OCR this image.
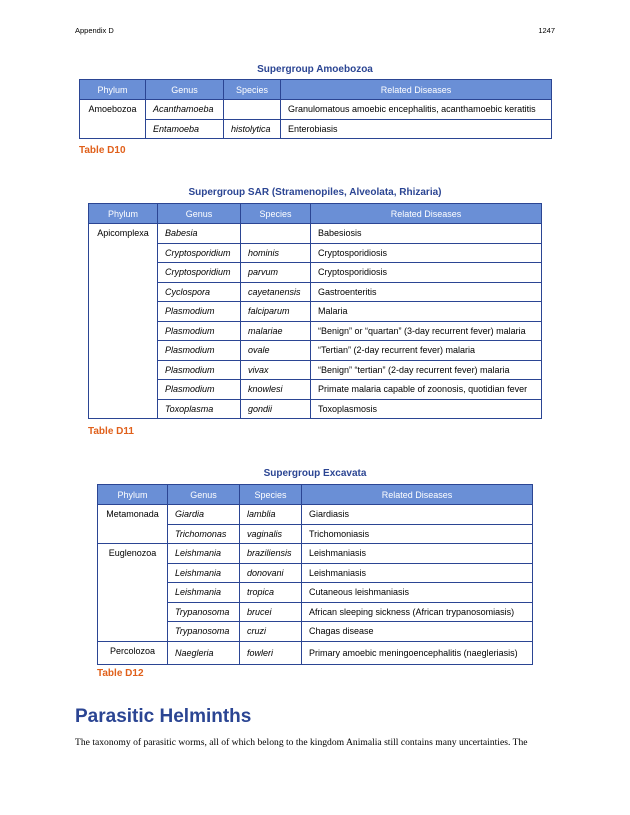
Appendix D	1247
Supergroup Amoebozoa
Phylum	Genus	Species	Related Diseases
Amoebozoa	Acanthamoeba		Granulomatous amoebic encephalitis, acanthamoebic keratitis
	Entamoeba	histolytica	Enterobiasis
Table D10
Supergroup SAR (Stramenopiles, Alveolata, Rhizaria)
Phylum	Genus	Species	Related Diseases
Apicomplexa	Babesia		Babesiosis
	Cryptosporidium	hominis	Cryptosporidiosis
	Cryptosporidium	parvum	Cryptosporidiosis
	Cyclospora	cayetanensis	Gastroenteritis
	Plasmodium	falciparum	Malaria
	Plasmodium	malariae	“Benign” or “quartan” (3-day recurrent fever) malaria
	Plasmodium	ovale	“Tertian” (2-day recurrent fever) malaria
	Plasmodium	vivax	“Benign” “tertian” (2-day recurrent fever) malaria
	Plasmodium	knowlesi	Primate malaria capable of zoonosis, quotidian fever
	Toxoplasma	gondii	Toxoplasmosis
Table D11
Supergroup Excavata
Phylum	Genus	Species	Related Diseases
Metamonada	Giardia	lamblia	Giardiasis
	Trichomonas	vaginalis	Trichomoniasis
Euglenozoa	Leishmania	braziliensis	Leishmaniasis
	Leishmania	donovani	Leishmaniasis
	Leishmania	tropica	Cutaneous leishmaniasis
	Trypanosoma	brucei	African sleeping sickness (African trypanosomiasis)
	Trypanosoma	cruzi	Chagas disease
Percolozoa	Naegleria	fowleri	Primary amoebic meningoencephalitis (naegleriasis)
Table D12
Parasitic Helminths
The taxonomy of parasitic worms, all of which belong to the kingdom Animalia still contains many uncertainties. The
